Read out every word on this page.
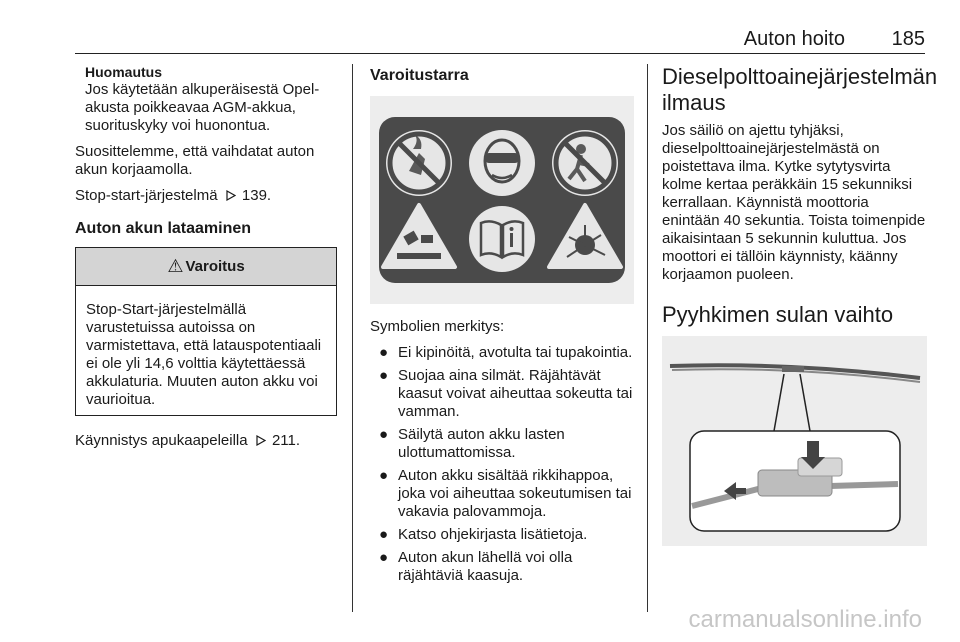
Auton hoito 185
Huomautus
Jos käytetään alkuperäisestä Opel-akusta poikkeavaa AGM-akkua, suorituskyky voi huonontua.

Suosittelemme, että vaihdatat auton akun korjaamolla.

Stop-start-järjestelmä 139.

Auton akun lataaminen
⚠ Varoitus
Stop-Start-järjestelmällä varustetuissa autoissa on varmistettava, että latauspotentiaali ei ole yli 14,6 volttia käytettäessä akkulaturia. Muuten auton akku voi vaurioitua.

Käynnistys apukaapeleilla 211.

Varoitustarra

Symbolien merkitys:

● Ei kipinöitä, avotulta tai tupakointia.
● Suojaa aina silmät. Räjähtävät kaasut voivat aiheuttaa sokeutta tai vamman.
● Säilytä auton akku lasten ulottumattomissa.
● Auton akku sisältää rikkihappoa, joka voi aiheuttaa sokeutumisen tai vakavia palovammoja.
● Katso ohjekirjasta lisätietoja.
● Auton akun lähellä voi olla räjähtäviä kaasuja.
Dieselpolttoainejärjestelmän ilmaus

Jos säiliö on ajettu tyhjäksi, dieselpolttoainejärjestelmästä on poistettava ilma. Kytke sytytysvirta kolme kertaa peräkkäin 15 sekunniksi kerrallaan. Käynnistä moottoria enintään 40 sekuntia. Toista toimenpide aikaisintaan 5 sekunnin kuluttua. Jos moottori ei tällöin käynnisty, käänny korjaamon puoleen.

Pyyhkimen sulan vaihto
carmanualsonline.info
